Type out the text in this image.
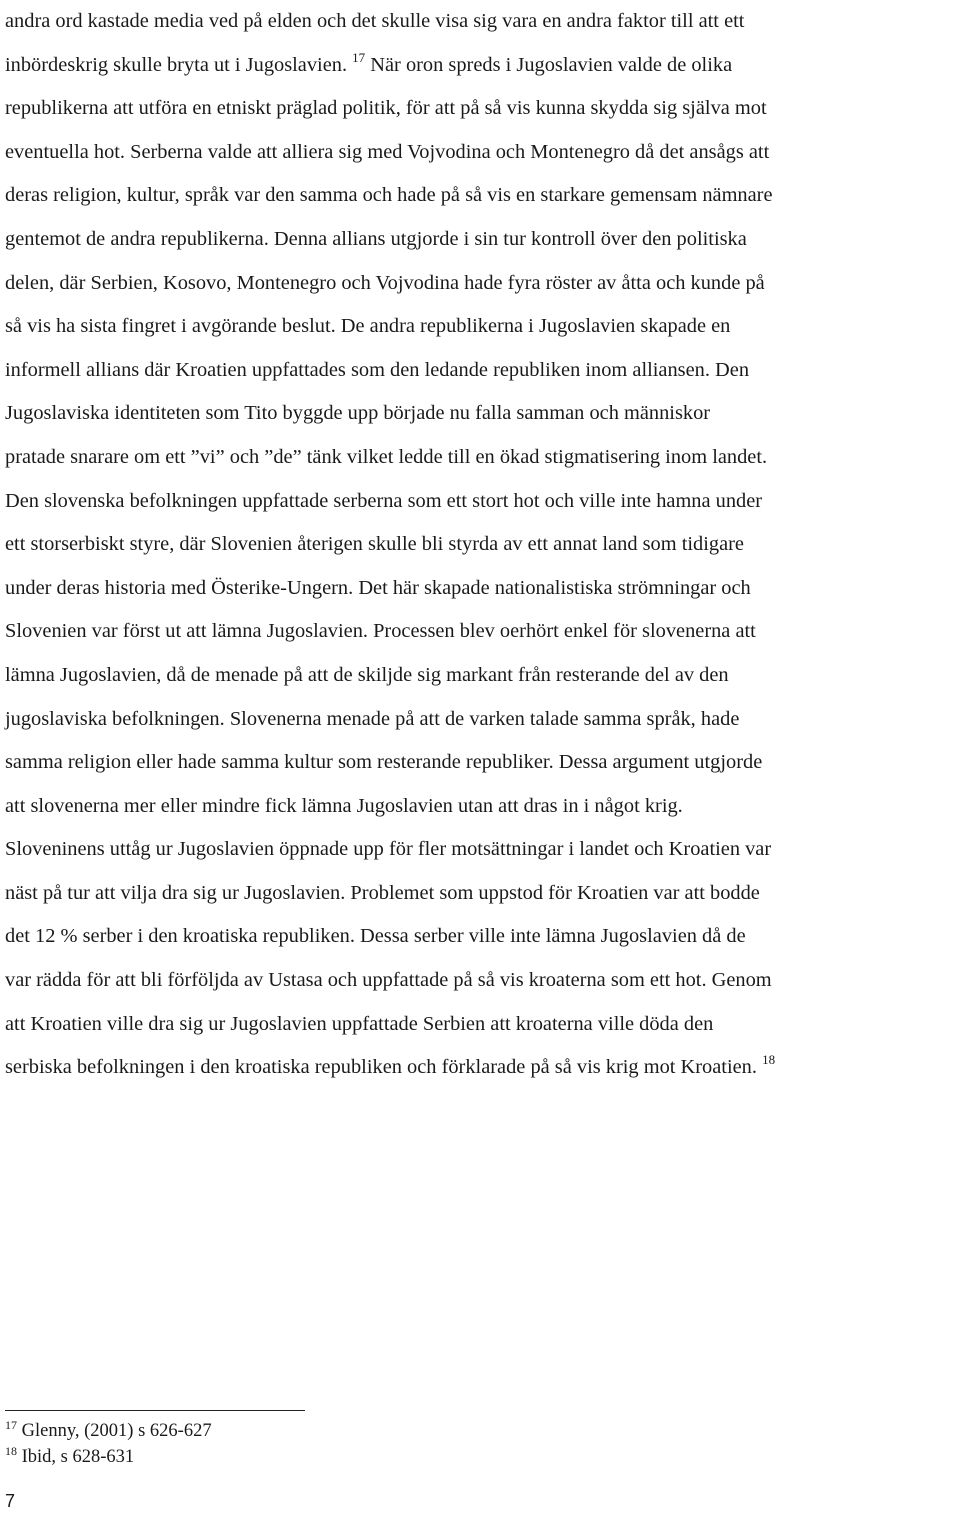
andra ord kastade media ved på elden och det skulle visa sig vara en andra faktor till att ett
inbördeskrig skulle bryta ut i Jugoslavien. $^{17}$ När oron spreds i Jugoslavien valde de olika
republikerna att utföra en etniskt präglad politik, för att på så vis kunna skydda sig själva mot
eventuella hot. Serberna valde att alliera sig med Vojvodina och Montenegro då det ansågs att
deras religion, kultur, språk var den samma och hade på så vis en starkare gemensam nämnare
gentemot de andra republikerna. Denna allians utgjorde i sin tur kontroll över den politiska
delen, där Serbien, Kosovo, Montenegro och Vojvodina hade fyra röster av åtta och kunde på
så vis ha sista fingret i avgörande beslut. De andra republikerna i Jugoslavien skapade en
informell allians där Kroatien uppfattades som den ledande republiken inom alliansen. Den
Jugoslaviska identiteten som Tito byggde upp började nu falla samman och människor
pratade snarare om ett ”vi” och ”de” tänk vilket ledde till en ökad stigmatisering inom landet.
Den slovenska befolkningen uppfattade serberna som ett stort hot och ville inte hamna under
ett storserbiskt styre, där Slovenien återigen skulle bli styrda av ett annat land som tidigare
under deras historia med Österike-Ungern. Det här skapade nationalistiska strömningar och
Slovenien var först ut att lämna Jugoslavien. Processen blev oerhört enkel för slovenerna att
lämna Jugoslavien, då de menade på att de skiljde sig markant från resterande del av den
jugoslaviska befolkningen. Slovenerna menade på att de varken talade samma språk, hade
samma religion eller hade samma kultur som resterande republiker. Dessa argument utgjorde
att slovenerna mer eller mindre fick lämna Jugoslavien utan att dras in i något krig.
Sloveninens uttåg ur Jugoslavien öppnade upp för fler motsättningar i landet och Kroatien var
näst på tur att vilja dra sig ur Jugoslavien. Problemet som uppstod för Kroatien var att bodde
det 12 % serber i den kroatiska republiken. Dessa serber ville inte lämna Jugoslavien då de
var rädda för att bli förföljda av Ustasa och uppfattade på så vis kroaterna som ett hot. Genom
att Kroatien ville dra sig ur Jugoslavien uppfattade Serbien att kroaterna ville döda den
serbiska befolkningen i den kroatiska republiken och förklarade på så vis krig mot Kroatien. $^{18}$
$^{17}$ Glenny, (2001) s 626-627
$^{18}$ Ibid, s 628-631
7
